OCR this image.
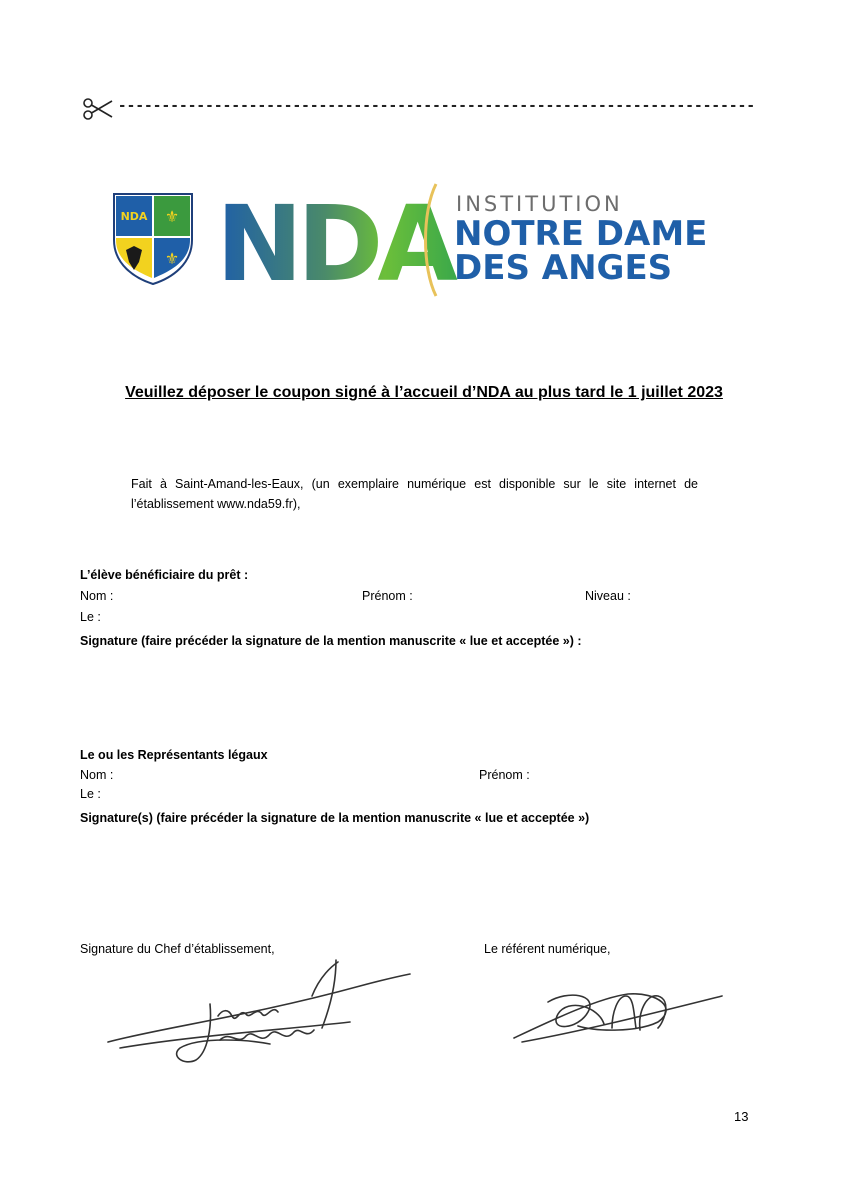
-------------------------------------------------------------------------
NDA ⚜
⚜ NDA INSTITUTION
NOTRE DAME
DES ANGES
Veuillez déposer le coupon signé à l’accueil d’NDA au plus tard le 1 juillet 2023
Fait à Saint-Amand-les-Eaux, (un exemplaire numérique est disponible sur le site internet de l’établissement www.nda59.fr),
L’élève bénéficiaire du prêt :
Nom :	Prénom :	Niveau :
Le :
Signature (faire précéder la signature de la mention manuscrite « lue et acceptée ») :
Le ou les Représentants légaux
Nom :	Prénom :
Le :
Signature(s) (faire précéder la signature de la mention manuscrite « lue et acceptée »)
Signature du Chef d’établissement,	Le référent numérique,
13
